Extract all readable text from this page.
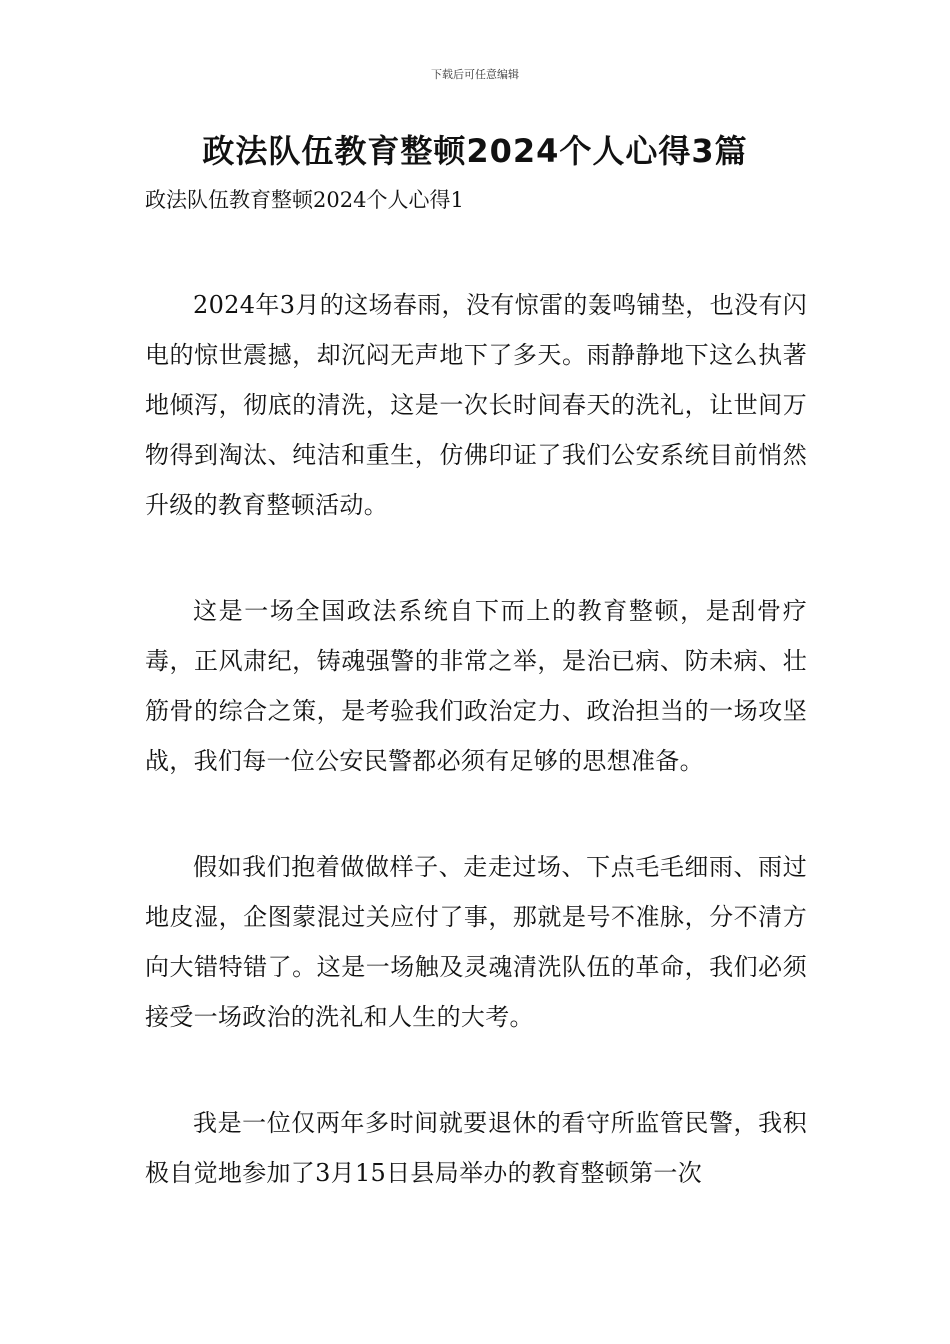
下载后可任意编辑
政法队伍教育整顿2024个人心得3篇

政法队伍教育整顿2024个人心得1

2024年3月的这场春雨，没有惊雷的轰鸣铺垫，也没有闪电的惊世震撼，却沉闷无声地下了多天。雨静静地下这么执著地倾泻，彻底的清洗，这是一次长时间春天的洗礼，让世间万物得到淘汰、纯洁和重生，仿佛印证了我们公安系统目前悄然升级的教育整顿活动。

这是一场全国政法系统自下而上的教育整顿，是刮骨疗毒，正风肃纪，铸魂强警的非常之举，是治已病、防未病、壮筋骨的综合之策，是考验我们政治定力、政治担当的一场攻坚战，我们每一位公安民警都必须有足够的思想准备。

假如我们抱着做做样子、走走过场、下点毛毛细雨、雨过地皮湿，企图蒙混过关应付了事，那就是号不准脉，分不清方向大错特错了。这是一场触及灵魂清洗队伍的革命，我们必须接受一场政治的洗礼和人生的大考。

我是一位仅两年多时间就要退休的看守所监管民警，我积极自觉地参加了3月15日县局举办的教育整顿第一次
